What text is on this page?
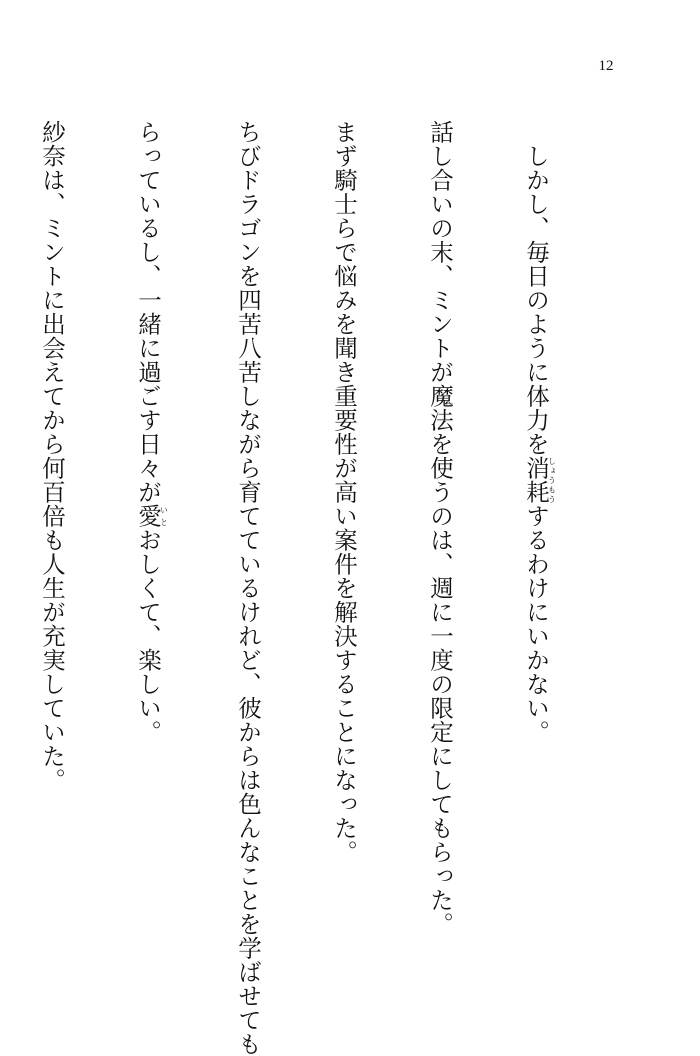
12

しかし、毎日のように体力を消耗しょうもうするわけにいかない。

話し合いの末、ミントが魔法を使うのは、週に一度の限定にしてもらった。

まず騎士らで悩みを聞き重要性が高い案件を解決することになった。

ちびドラゴンを四苦八苦しながら育てているけれど、彼からは色んなことを学ばせても

らっているし、一緒に過ごす日々が愛いとおしくて、楽しい。

紗奈は、ミントに出会えてから何百倍も人生が充実していた。
